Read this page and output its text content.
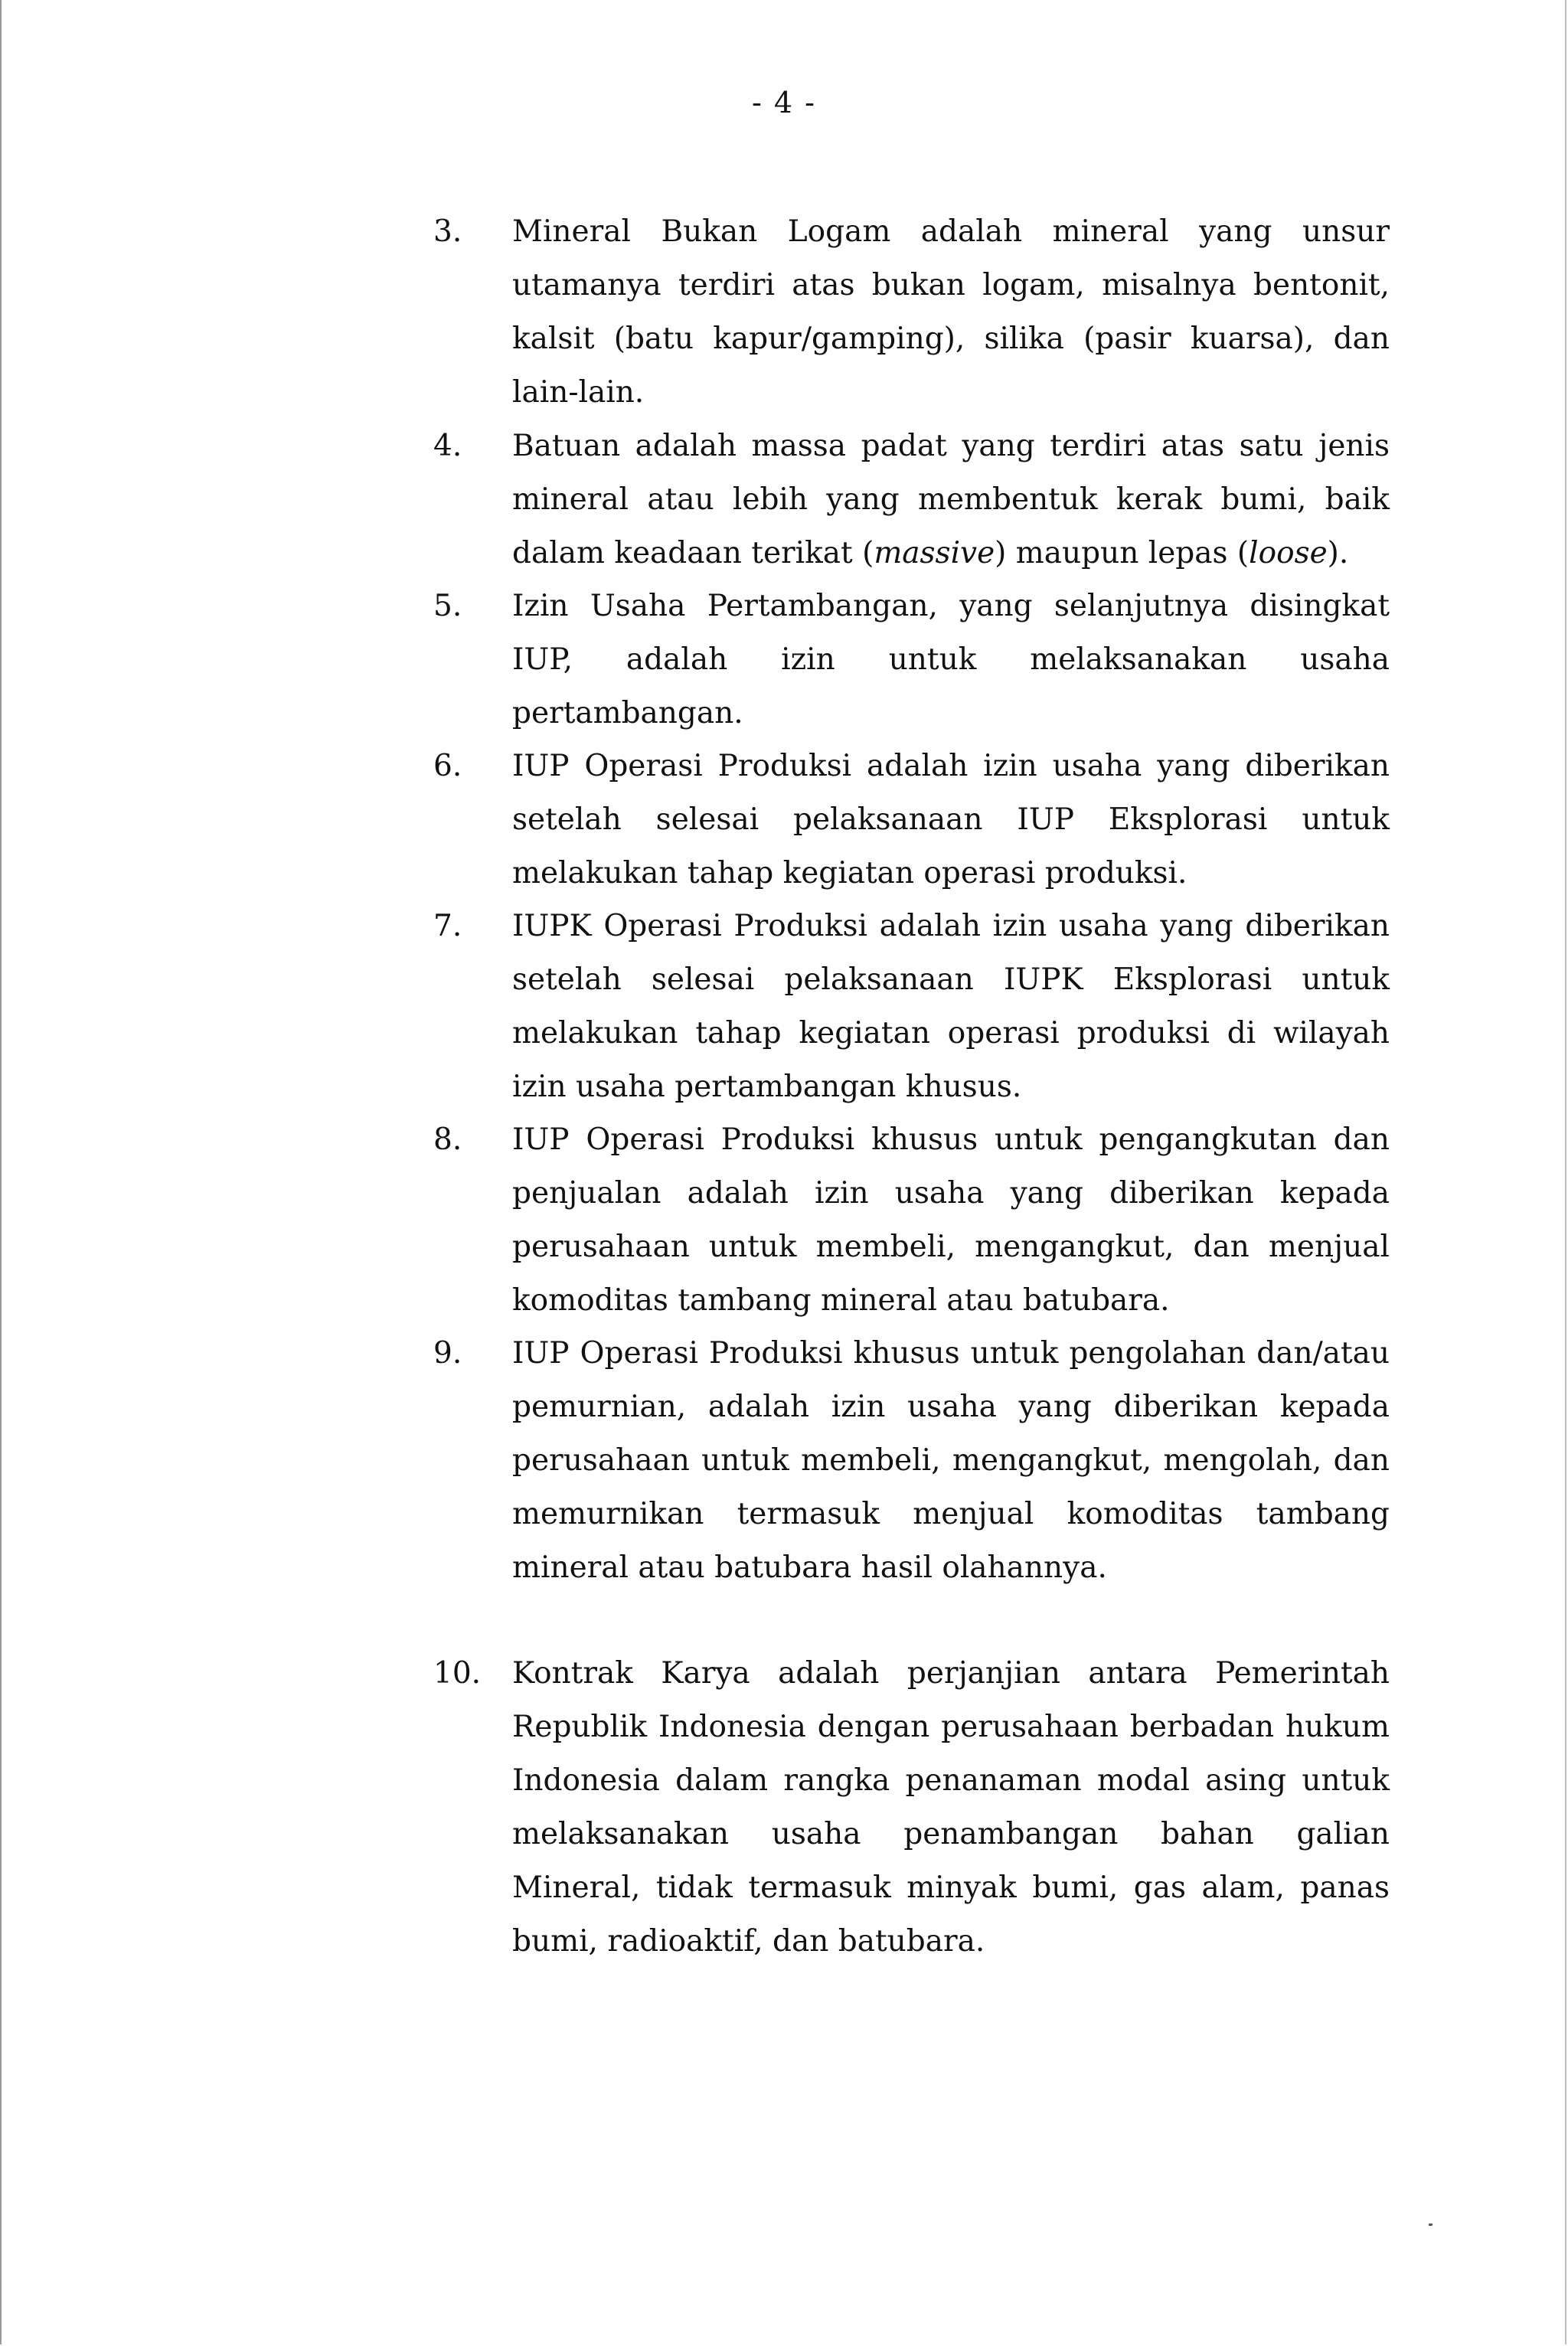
- 4 -
3. Mineral Bukan Logam adalah mineral yang unsur utamanya terdiri atas bukan logam, misalnya bentonit, kalsit (batu kapur/gamping), silika (pasir kuarsa), dan lain-lain.
4. Batuan adalah massa padat yang terdiri atas satu jenis mineral atau lebih yang membentuk kerak bumi, baik dalam keadaan terikat (massive) maupun lepas (loose).
5. Izin Usaha Pertambangan, yang selanjutnya disingkat IUP, adalah izin untuk melaksanakan usaha pertambangan.
6. IUP Operasi Produksi adalah izin usaha yang diberikan setelah selesai pelaksanaan IUP Eksplorasi untuk melakukan tahap kegiatan operasi produksi.
7. IUPK Operasi Produksi adalah izin usaha yang diberikan setelah selesai pelaksanaan IUPK Eksplorasi untuk melakukan tahap kegiatan operasi produksi di wilayah izin usaha pertambangan khusus.
8. IUP Operasi Produksi khusus untuk pengangkutan dan penjualan adalah izin usaha yang diberikan kepada perusahaan untuk membeli, mengangkut, dan menjual komoditas tambang mineral atau batubara.
9. IUP Operasi Produksi khusus untuk pengolahan dan/atau pemurnian, adalah izin usaha yang diberikan kepada perusahaan untuk membeli, mengangkut, mengolah, dan memurnikan termasuk menjual komoditas tambang mineral atau batubara hasil olahannya.
10. Kontrak Karya adalah perjanjian antara Pemerintah Republik Indonesia dengan perusahaan berbadan hukum Indonesia dalam rangka penanaman modal asing untuk melaksanakan usaha penambangan bahan galian Mineral, tidak termasuk minyak bumi, gas alam, panas bumi, radioaktif, dan batubara.
